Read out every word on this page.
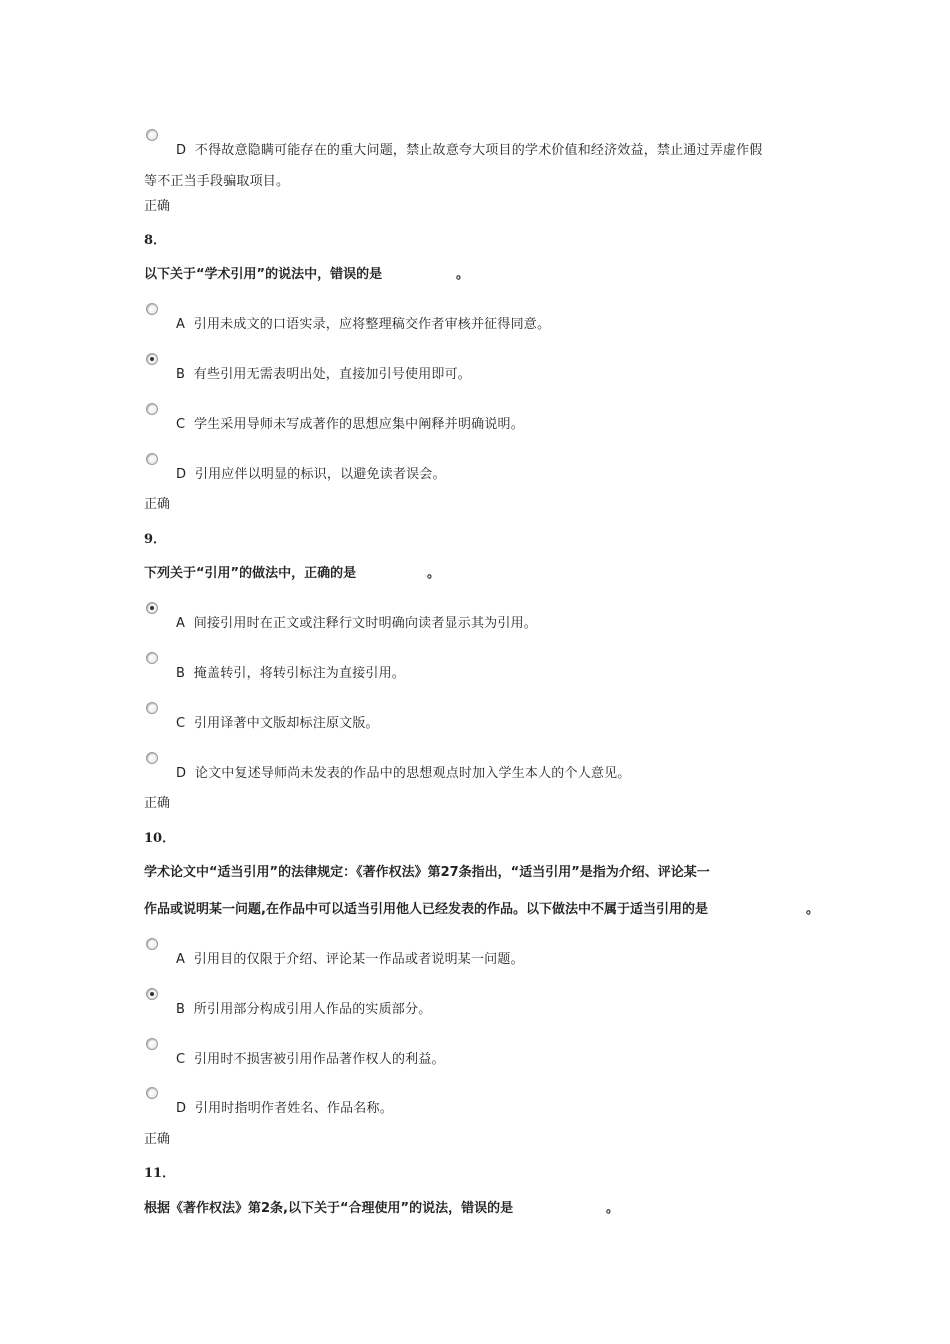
D 不得故意隐瞒可能存在的重大问题，禁止故意夸大项目的学术价值和经济效益，禁止通过弄虚作假
等不正当手段骗取项目。
正确
8．
以下关于“学术引用”的说法中，错误的是	。
A 引用未成文的口语实录，应将整理稿交作者审核并征得同意。
B 有些引用无需表明出处，直接加引号使用即可。
C 学生采用导师未写成著作的思想应集中阐释并明确说明。
D 引用应伴以明显的标识，以避免读者误会。
正确
9．
下列关于“引用”的做法中，正确的是	。
A 间接引用时在正文或注释行文时明确向读者显示其为引用。
B 掩盖转引，将转引标注为直接引用。
C 引用译著中文版却标注原文版。
D 论文中复述导师尚未发表的作品中的思想观点时加入学生本人的个人意见。
正确
10．
学术论文中“适当引用”的法律规定：《著作权法》第27条指出，“适当引用”是指为介绍、评论某一
作品或说明某一问题,在作品中可以适当引用他人已经发表的作品。以下做法中不属于适当引用的是	。
A 引用目的仅限于介绍、评论某一作品或者说明某一问题。
B 所引用部分构成引用人作品的实质部分。
C 引用时不损害被引用作品著作权人的利益。
D 引用时指明作者姓名、作品名称。
正确
11．
根据《著作权法》第2条,以下关于“合理使用”的说法，错误的是	。
